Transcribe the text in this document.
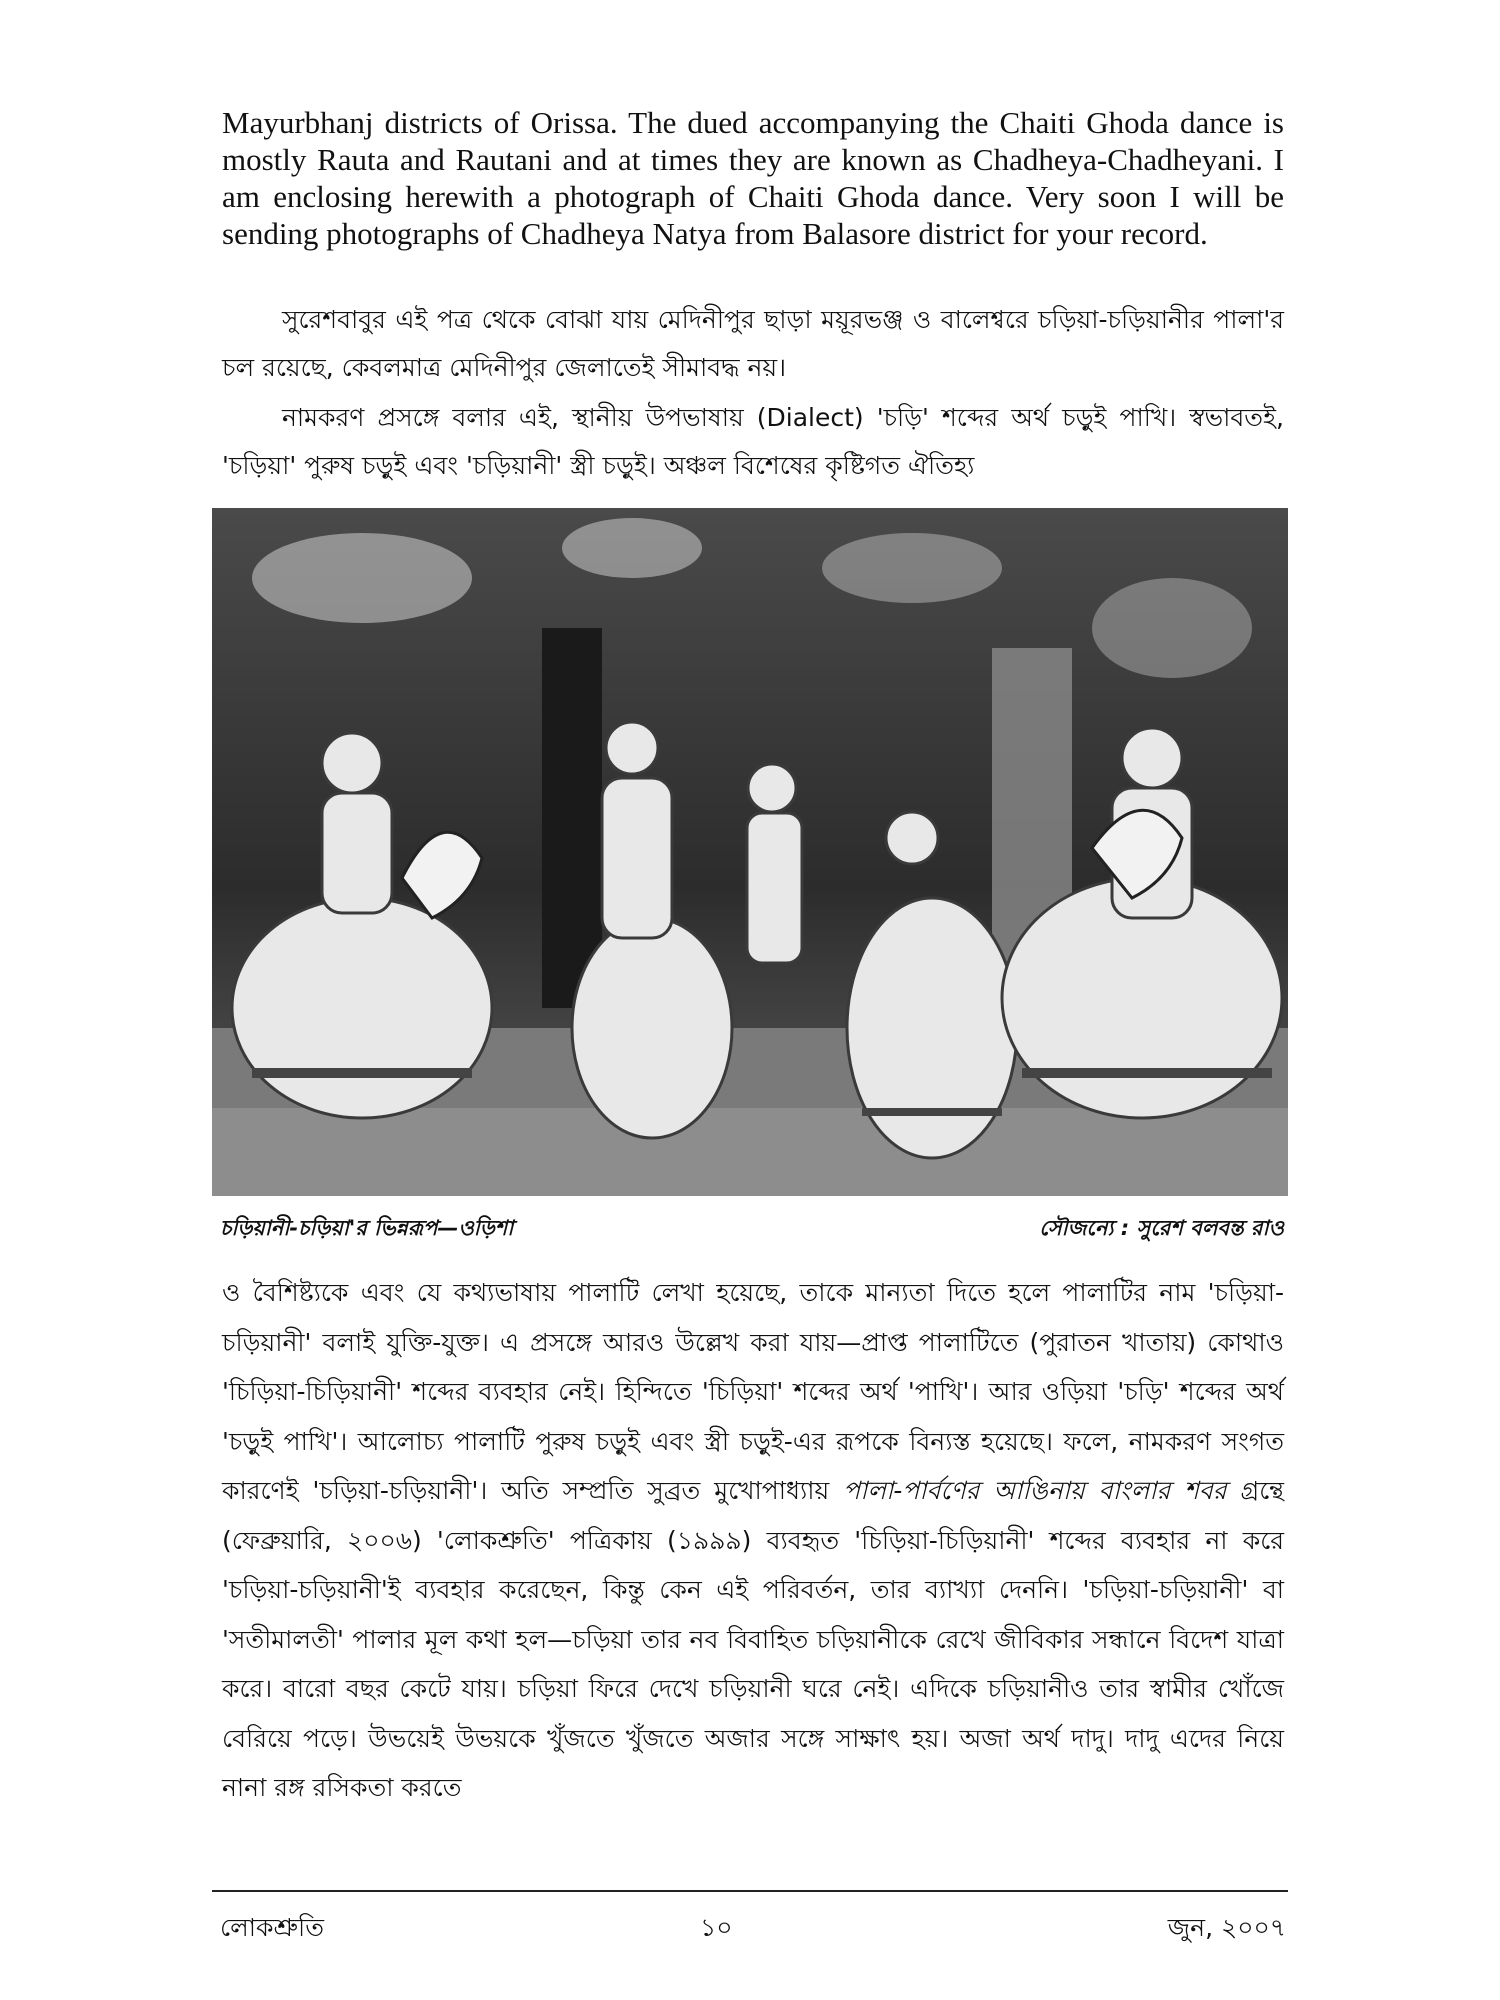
Mayurbhanj districts of Orissa. The dued accompanying the Chaiti Ghoda dance is mostly Rauta and Rautani and at times they are known as Chadheya-Chadheyani. I am enclosing herewith a photograph of Chaiti Ghoda dance. Very soon I will be sending photographs of Chadheya Natya from Balasore district for your record.

সুরেশবাবুর এই পত্র থেকে বোঝা যায় মেদিনীপুর ছাড়া ময়ূরভঞ্জ ও বালেশ্বরে চড়িয়া-চড়িয়ানীর পালা'র চল রয়েছে, কেবলমাত্র মেদিনীপুর জেলাতেই সীমাবদ্ধ নয়।

নামকরণ প্রসঙ্গে বলার এই, স্থানীয় উপভাষায় (Dialect) 'চড়ি' শব্দের অর্থ চড়ুই পাখি। স্বভাবতই, 'চড়িয়া' পুরুষ চড়ুই এবং 'চড়িয়ানী' স্ত্রী চড়ুই। অঞ্চল বিশেষের কৃষ্টিগত ঐতিহ্য

চড়িয়ানী-চড়িয়া'র ভিন্নরূপ—ওড়িশা	সৌজন্যে : সুরেশ বলবন্ত রাও

ও বৈশিষ্ট্যকে এবং যে কথ্যভাষায় পালাটি লেখা হয়েছে, তাকে মান্যতা দিতে হলে পালাটির নাম 'চড়িয়া-চড়িয়ানী' বলাই যুক্তি-যুক্ত। এ প্রসঙ্গে আরও উল্লেখ করা যায়—প্রাপ্ত পালাটিতে (পুরাতন খাতায়) কোথাও 'চিড়িয়া-চিড়িয়ানী' শব্দের ব্যবহার নেই। হিন্দিতে 'চিড়িয়া' শব্দের অর্থ 'পাখি'। আর ওড়িয়া 'চড়ি' শব্দের অর্থ 'চড়ুই পাখি'। আলোচ্য পালাটি পুরুষ চড়ুই এবং স্ত্রী চড়ুই-এর রূপকে বিন্যস্ত হয়েছে। ফলে, নামকরণ সংগত কারণেই 'চড়িয়া-চড়িয়ানী'। অতি সম্প্রতি সুব্রত মুখোপাধ্যায় পালা-পার্বণের আঙিনায় বাংলার শবর গ্রন্থে (ফেব্রুয়ারি, ২০০৬) 'লোকশ্রুতি' পত্রিকায় (১৯৯৯) ব্যবহৃত 'চিড়িয়া-চিড়িয়ানী' শব্দের ব্যবহার না করে 'চড়িয়া-চড়িয়ানী'ই ব্যবহার করেছেন, কিন্তু কেন এই পরিবর্তন, তার ব্যাখ্যা দেননি। 'চড়িয়া-চড়িয়ানী' বা 'সতীমালতী' পালার মূল কথা হল—চড়িয়া তার নব বিবাহিত চড়িয়ানীকে রেখে জীবিকার সন্ধানে বিদেশ যাত্রা করে। বারো বছর কেটে যায়। চড়িয়া ফিরে দেখে চড়িয়ানী ঘরে নেই। এদিকে চড়িয়ানীও তার স্বামীর খোঁজে বেরিয়ে পড়ে। উভয়েই উভয়কে খুঁজতে খুঁজতে অজার সঙ্গে সাক্ষাৎ হয়। অজা অর্থ দাদু। দাদু এদের নিয়ে নানা রঙ্গ রসিকতা করতে

লোকশ্রুতি	১০	জুন, ২০০৭
